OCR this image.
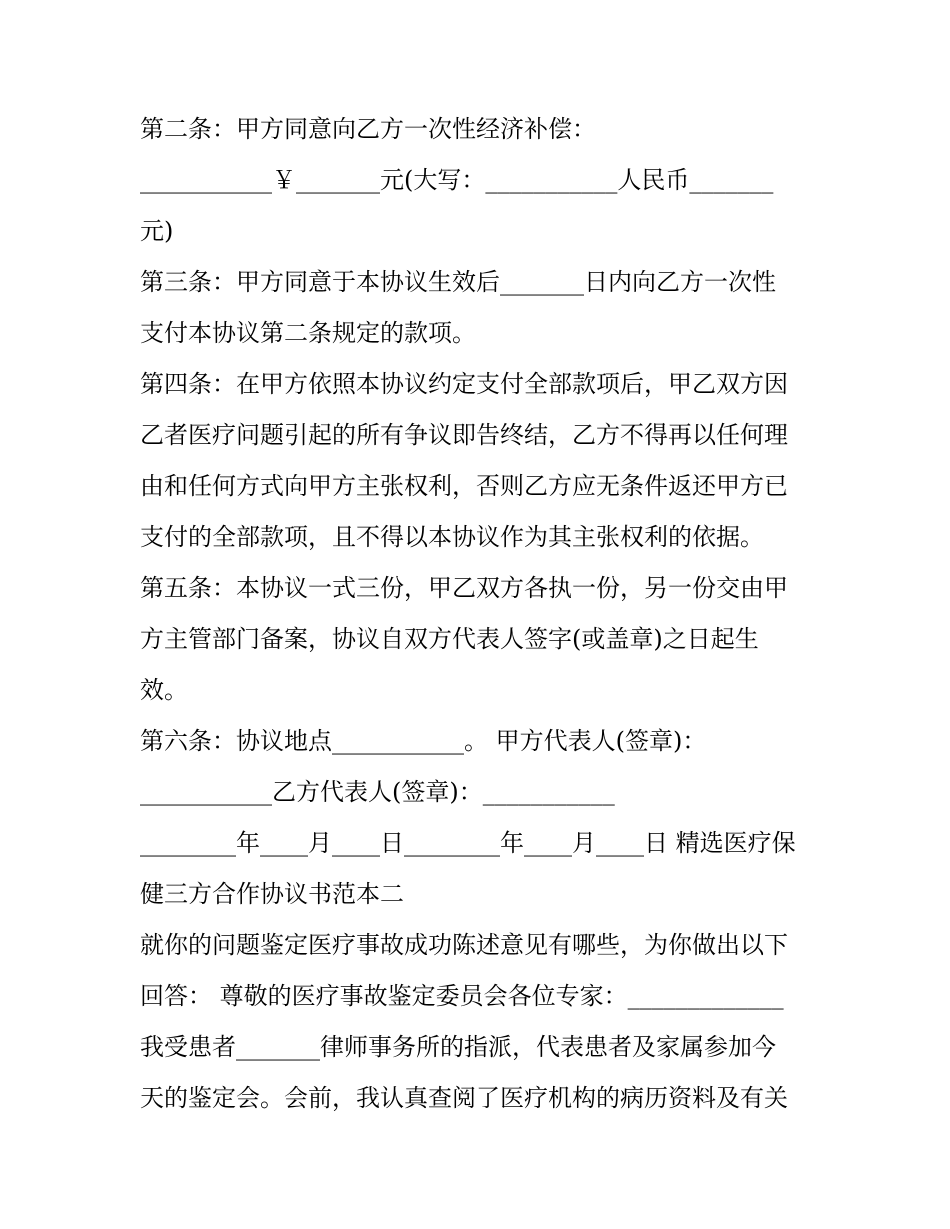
第二条：甲方同意向乙方一次性经济补偿：
___________￥_______元(大写：___________人民币_______
元)
第三条：甲方同意于本协议生效后_______日内向乙方一次性
支付本协议第二条规定的款项。
第四条：在甲方依照本协议约定支付全部款项后，甲乙双方因
乙者医疗问题引起的所有争议即告终结，乙方不得再以任何理
由和任何方式向甲方主张权利，否则乙方应无条件返还甲方已
支付的全部款项，且不得以本协议作为其主张权利的依据。
第五条：本协议一式三份，甲乙双方各执一份，另一份交由甲
方主管部门备案，协议自双方代表人签字(或盖章)之日起生
效。
第六条：协议地点___________。 甲方代表人(签章)：
___________乙方代表人(签章)：___________
________年____月____日________年____月____日 精选医疗保
健三方合作协议书范本二
就你的问题鉴定医疗事故成功陈述意见有哪些，为你做出以下
回答： 尊敬的医疗事故鉴定委员会各位专家：_____________
我受患者_______律师事务所的指派，代表患者及家属参加今
天的鉴定会。会前，我认真查阅了医疗机构的病历资料及有关
